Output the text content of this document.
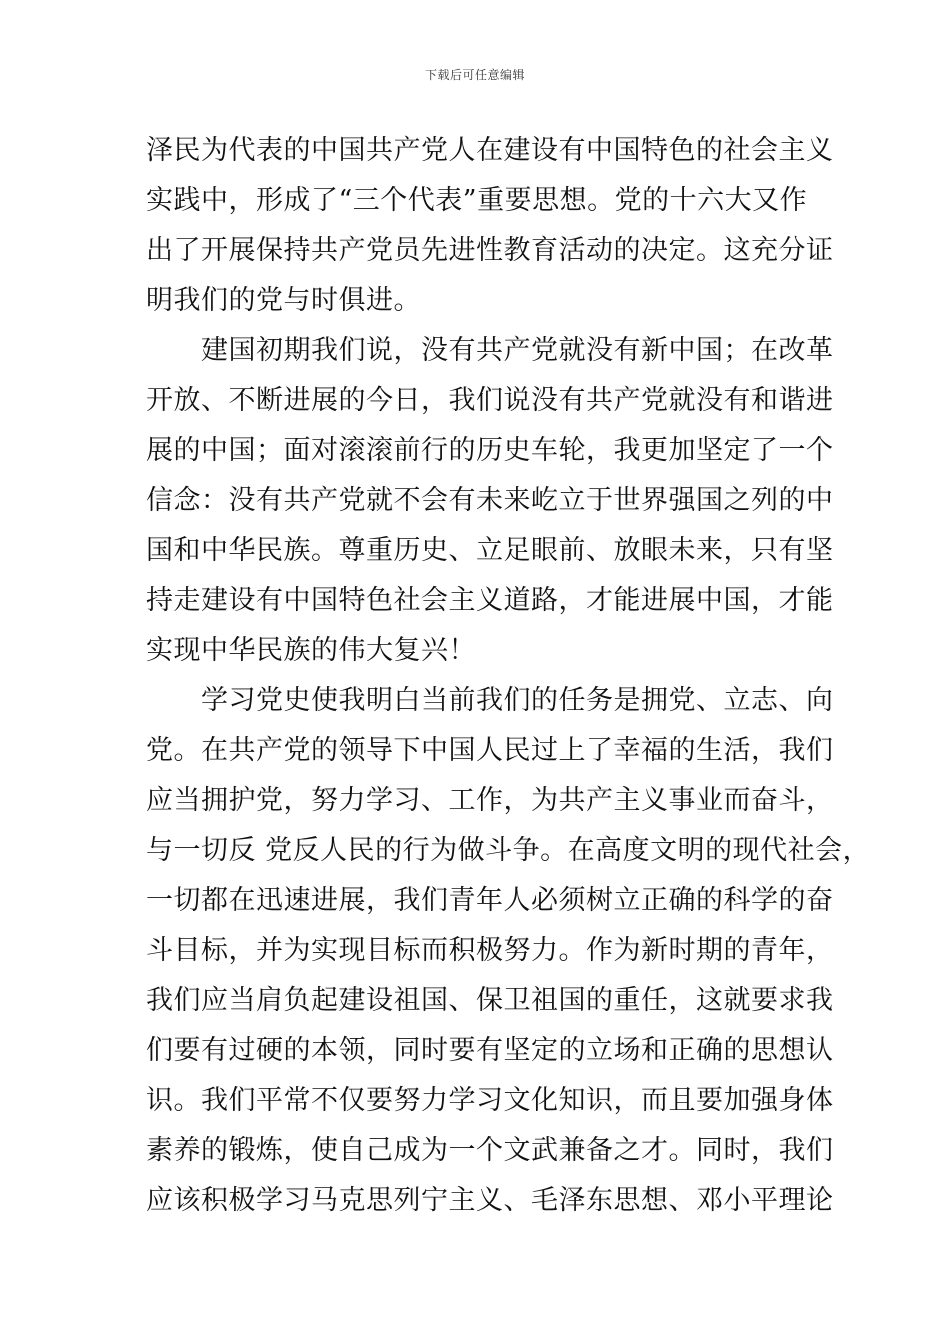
下载后可任意编辑
泽民为代表的中国共产党人在建设有中国特色的社会主义
实践中，形成了“三个代表”重要思想。党的十六大又作
出了开展保持共产党员先进性教育活动的决定。这充分证
明我们的党与时俱进。
建国初期我们说，没有共产党就没有新中国；在改革
开放、不断进展的今日，我们说没有共产党就没有和谐进
展的中国；面对滚滚前行的历史车轮，我更加坚定了一个
信念：没有共产党就不会有未来屹立于世界强国之列的中
国和中华民族。尊重历史、立足眼前、放眼未来，只有坚
持走建设有中国特色社会主义道路，才能进展中国，才能
实现中华民族的伟大复兴！
学习党史使我明白当前我们的任务是拥党、立志、向
党。在共产党的领导下中国人民过上了幸福的生活，我们
应当拥护党，努力学习、工作，为共产主义事业而奋斗，
与一切反 党反人民的行为做斗争。在高度文明的现代社会，
一切都在迅速进展，我们青年人必须树立正确的科学的奋
斗目标，并为实现目标而积极努力。作为新时期的青年，
我们应当肩负起建设祖国、保卫祖国的重任，这就要求我
们要有过硬的本领，同时要有坚定的立场和正确的思想认
识。我们平常不仅要努力学习文化知识，而且要加强身体
素养的锻炼，使自己成为一个文武兼备之才。同时，我们
应该积极学习马克思列宁主义、毛泽东思想、邓小平理论
